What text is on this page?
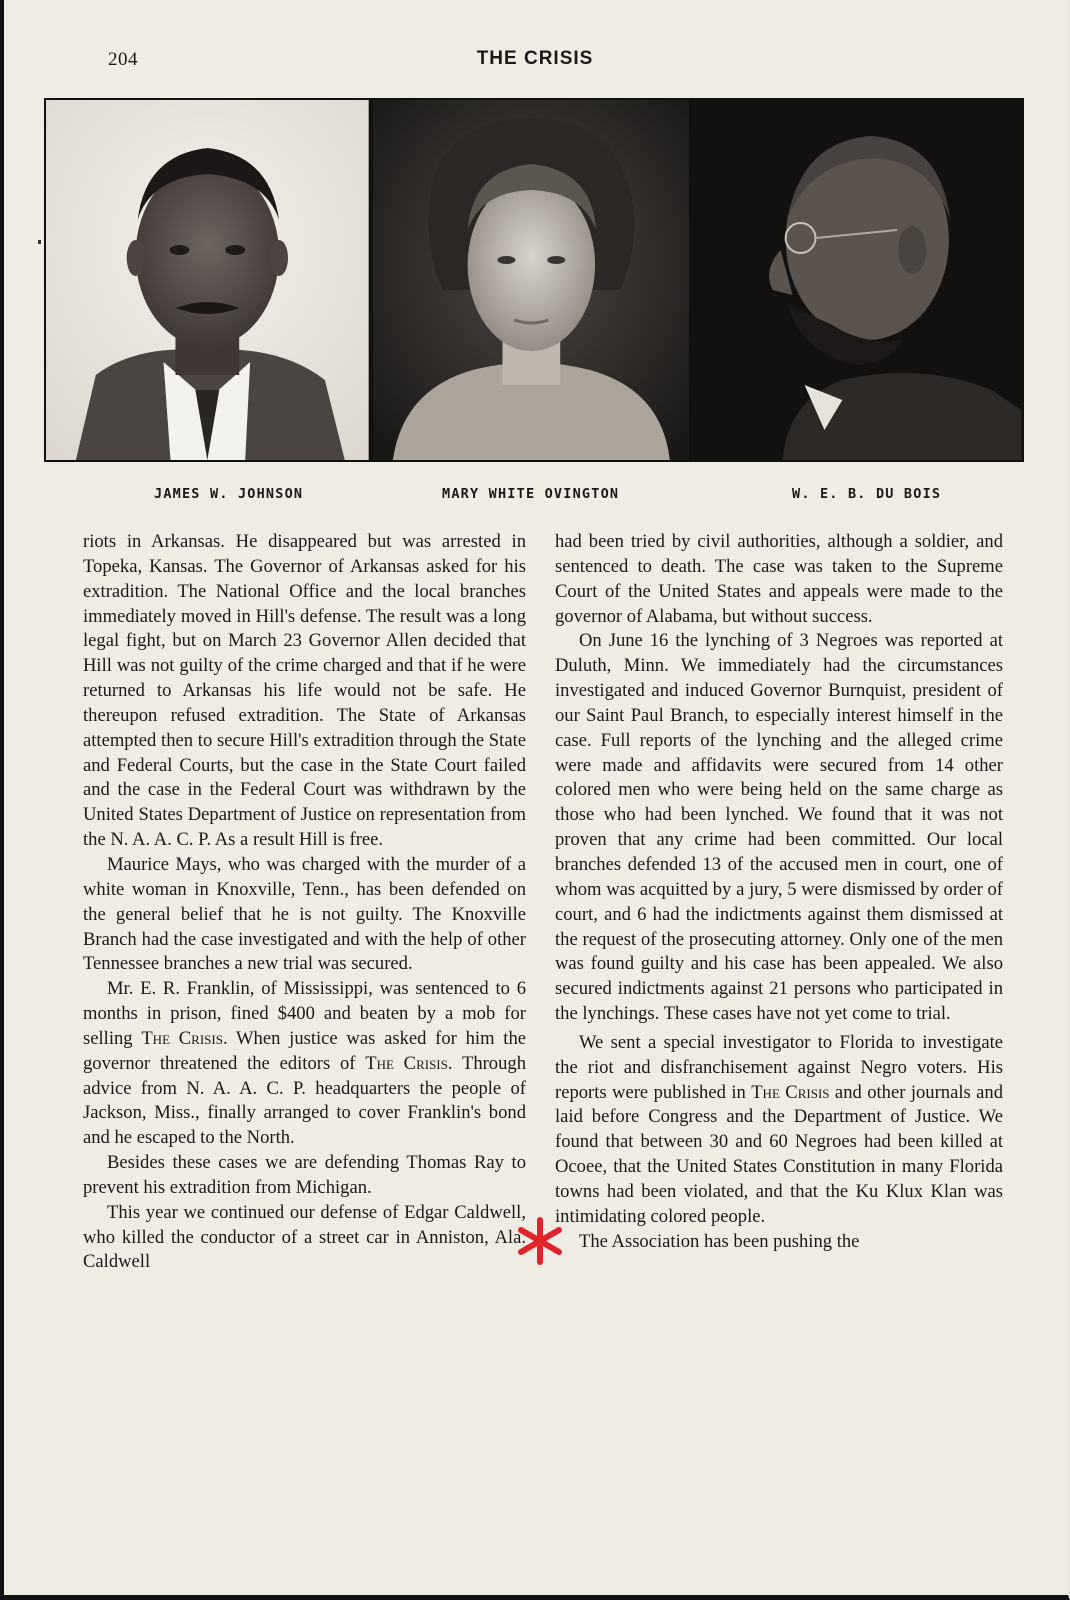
204	THE CRISIS
JAMES W. JOHNSON	MARY WHITE OVINGTON	W. E. B. DU BOIS

riots in Arkansas. He disappeared but was arrested in Topeka, Kansas. The Governor of Arkansas asked for his extradition. The National Office and the local branches immediately moved in Hill's defense. The result was a long legal fight, but on March 23 Governor Allen decided that Hill was not guilty of the crime charged and that if he were returned to Arkansas his life would not be safe. He thereupon refused extradition. The State of Arkansas attempted then to secure Hill's extradition through the State and Federal Courts, but the case in the State Court failed and the case in the Federal Court was withdrawn by the United States Department of Justice on representation from the N. A. A. C. P. As a result Hill is free.

Maurice Mays, who was charged with the murder of a white woman in Knoxville, Tenn., has been defended on the general belief that he is not guilty. The Knoxville Branch had the case investigated and with the help of other Tennessee branches a new trial was secured.

Mr. E. R. Franklin, of Mississippi, was sentenced to 6 months in prison, fined $400 and beaten by a mob for selling The Crisis. When justice was asked for him the governor threatened the editors of The Crisis. Through advice from N. A. A. C. P. headquarters the people of Jackson, Miss., finally arranged to cover Franklin's bond and he escaped to the North.

Besides these cases we are defending Thomas Ray to prevent his extradition from Michigan.

This year we continued our defense of Edgar Caldwell, who killed the conductor of a street car in Anniston, Ala. Caldwell

had been tried by civil authorities, although a soldier, and sentenced to death. The case was taken to the Supreme Court of the United States and appeals were made to the governor of Alabama, but without success.

On June 16 the lynching of 3 Negroes was reported at Duluth, Minn. We immediately had the circumstances investigated and induced Governor Burnquist, president of our Saint Paul Branch, to especially interest himself in the case. Full reports of the lynching and the alleged crime were made and affidavits were secured from 14 other colored men who were being held on the same charge as those who had been lynched. We found that it was not proven that any crime had been committed. Our local branches defended 13 of the accused men in court, one of whom was acquitted by a jury, 5 were dismissed by order of court, and 6 had the indictments against them dismissed at the request of the prosecuting attorney. Only one of the men was found guilty and his case has been appealed. We also secured indictments against 21 persons who participated in the lynchings. These cases have not yet come to trial.

We sent a special investigator to Florida to investigate the riot and disfranchisement against Negro voters. His reports were published in The Crisis and other journals and laid before Congress and the Department of Justice. We found that between 30 and 60 Negroes had been killed at Ocoee, that the United States Constitution in many Florida towns had been violated, and that the Ku Klux Klan was intimidating colored people.

The Association has been pushing the
